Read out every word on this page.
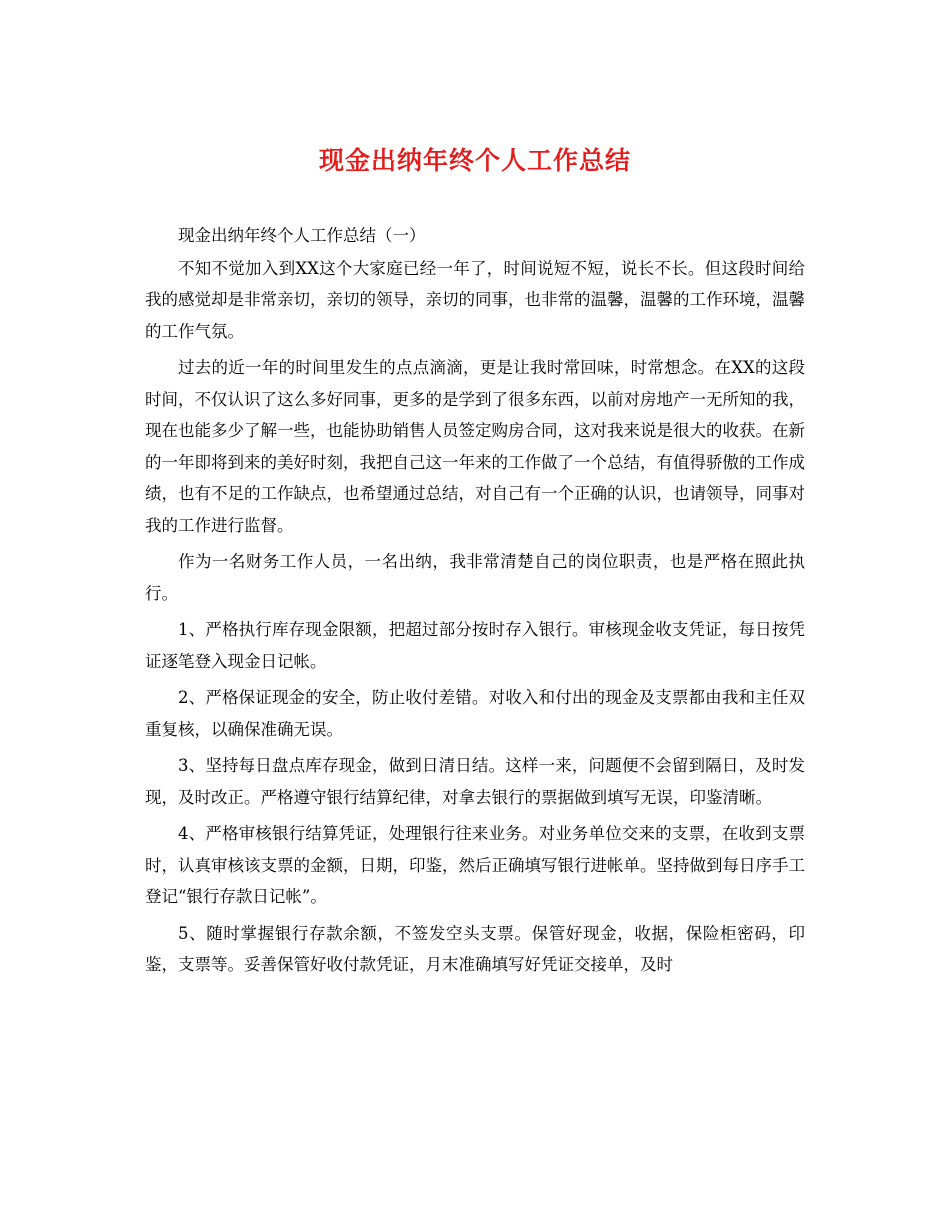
现金出纳年终个人工作总结

现金出纳年终个人工作总结（一）

不知不觉加入到XX这个大家庭已经一年了，时间说短不短，说长不长。但这段时间给我的感觉却是非常亲切，亲切的领导，亲切的同事，也非常的温馨，温馨的工作环境，温馨的工作气氛。

过去的近一年的时间里发生的点点滴滴，更是让我时常回味，时常想念。在XX的这段时间，不仅认识了这么多好同事，更多的是学到了很多东西，以前对房地产一无所知的我，现在也能多少了解一些，也能协助销售人员签定购房合同，这对我来说是很大的收获。在新的一年即将到来的美好时刻，我把自己这一年来的工作做了一个总结，有值得骄傲的工作成绩，也有不足的工作缺点，也希望通过总结，对自己有一个正确的认识，也请领导，同事对我的工作进行监督。

作为一名财务工作人员，一名出纳，我非常清楚自己的岗位职责，也是严格在照此执行。

1、严格执行库存现金限额，把超过部分按时存入银行。审核现金收支凭证，每日按凭证逐笔登入现金日记帐。

2、严格保证现金的安全，防止收付差错。对收入和付出的现金及支票都由我和主任双重复核，以确保准确无误。

3、坚持每日盘点库存现金，做到日清日结。这样一来，问题便不会留到隔日，及时发现，及时改正。严格遵守银行结算纪律，对拿去银行的票据做到填写无误，印鉴清晰。

4、严格审核银行结算凭证，处理银行往来业务。对业务单位交来的支票，在收到支票时，认真审核该支票的金额，日期，印鉴，然后正确填写银行进帐单。坚持做到每日序手工登记“银行存款日记帐”。

5、随时掌握银行存款余额，不签发空头支票。保管好现金，收据，保险柜密码，印鉴，支票等。妥善保管好收付款凭证，月末准确填写好凭证交接单，及时
